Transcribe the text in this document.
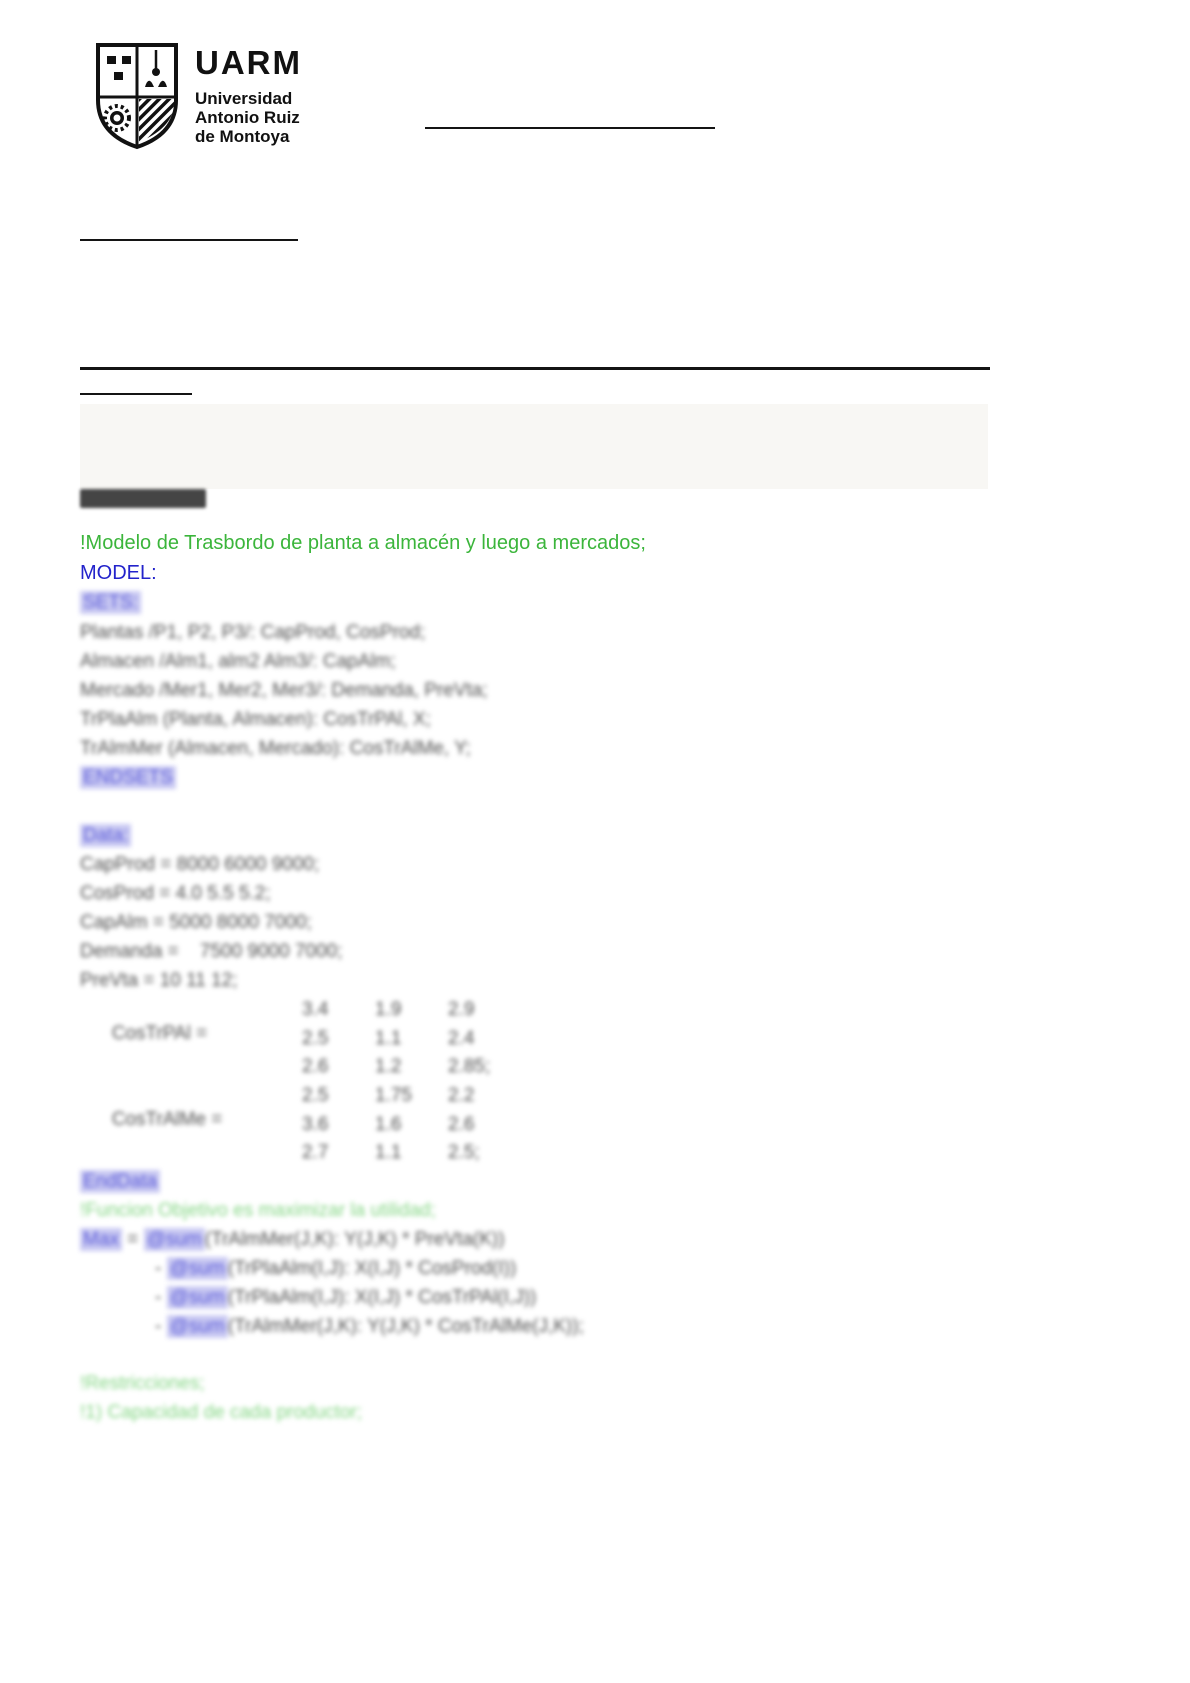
UARM
Universidad
Antonio Ruiz
de Montoya
!Modelo de Trasbordo de planta a almacén y luego a mercados;
MODEL:
SETS:
Plantas /P1, P2, P3/: CapProd, CosProd;
Almacen /Alm1, alm2 Alm3/: CapAlm;
Mercado /Mer1, Mer2, Mer3/: Demanda, PreVta;
TrPlaAlm (Planta, Almacen): CosTrPAl, X;
TrAlmMer (Almacen, Mercado): CosTrAlMe, Y;
ENDSETS
Data:
CapProd = 8000 6000 9000;
CosProd = 4.0 5.5 5.2;
CapAlm = 5000 8000 7000;
Demanda =    7500 9000 7000;
PreVta = 10 11 12;

CosTrPAl =

3.4 1.9 2.9

2.5 1.1 2.4

2.6 1.2 2.85;

CosTrAlMe =

2.5 1.75 2.2

3.6 1.6 2.6

2.7 1.1 2.5;

EndData
!Funcion Objetivo es maximizar la utilidad;
Max = @sum (TrAlmMer(J,K): Y(J,K) * PreVta(K))
- @sum (TrPlaAlm(I,J): X(I,J) * CosProd(I))
- @sum (TrPlaAlm(I,J): X(I,J) * CosTrPAl(I,J))
- @sum (TrAlmMer(J,K): Y(J,K) * CosTrAlMe(J,K));
!Restricciones;
!1) Capacidad de cada productor;
